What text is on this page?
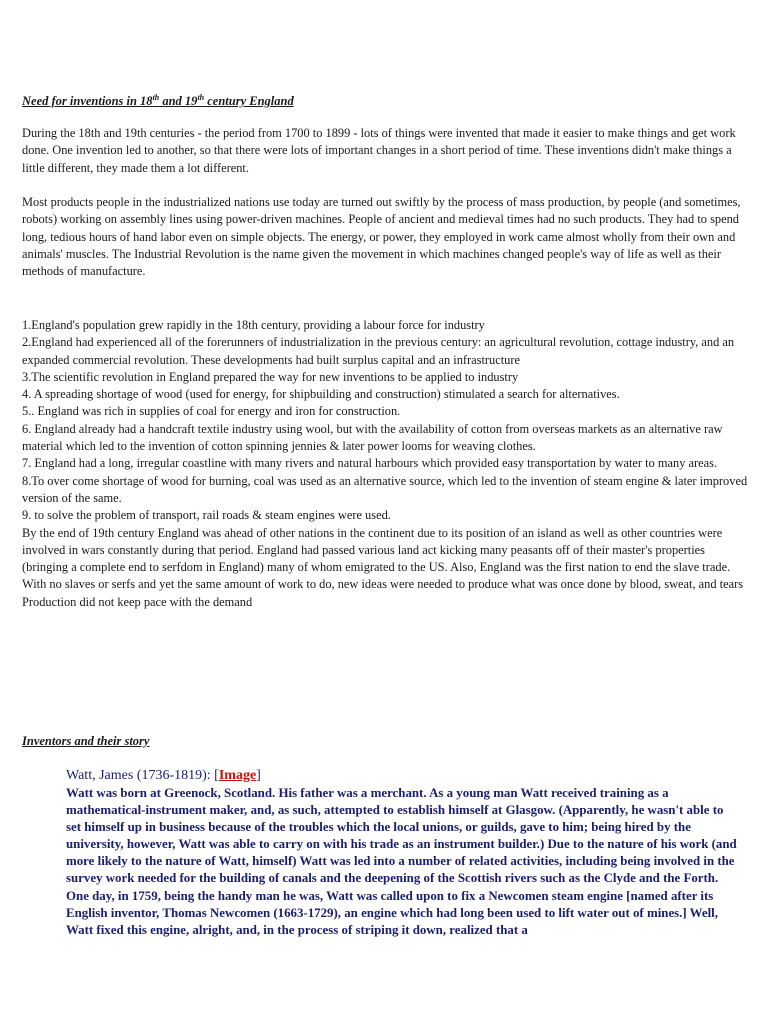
Need for inventions in 18th and 19th century England

During the 18th and 19th centuries - the period from 1700 to 1899 - lots of things were invented that made it easier to make things and get work done. One invention led to another, so that there were lots of important changes in a short period of time. These inventions didn't make things a little different, they made them a lot different.

Most products people in the industrialized nations use today are turned out swiftly by the process of mass production, by people (and sometimes, robots) working on assembly lines using power-driven machines. People of ancient and medieval times had no such products. They had to spend long, tedious hours of hand labor even on simple objects. The energy, or power, they employed in work came almost wholly from their own and animals' muscles. The Industrial Revolution is the name given the movement in which machines changed people's way of life as well as their methods of manufacture.

1.England's population grew rapidly in the 18th century, providing a labour force for industry
2.England had experienced all of the forerunners of industrialization in the previous century: an agricultural revolution, cottage industry, and an expanded commercial revolution. These developments had built surplus capital and an infrastructure
3.The scientific revolution in England prepared the way for new inventions to be applied to industry
4. A spreading shortage of wood (used for energy, for shipbuilding and construction) stimulated a search for alternatives.
5.. England was rich in supplies of coal for energy and iron for construction.
6. England already had a handcraft textile industry using wool, but with the availability of cotton from overseas markets as an alternative raw material which led to the invention of cotton spinning jennies & later power looms for weaving clothes.
7. England had a long, irregular coastline with many rivers and natural harbours which provided easy transportation by water to many areas.
8.To over come shortage of wood for burning, coal was used as an alternative source, which led to the invention of steam engine & later improved version of the same.
9. to solve the problem of transport, rail roads & steam engines were used.
By the end of 19th century England was ahead of other nations in the continent due to its position of an island as well as other countries were involved in wars constantly during that period. England had passed various land act kicking many peasants off of their master's properties (bringing a complete end to serfdom in England) many of whom emigrated to the US. Also, England was the first nation to end the slave trade. With no slaves or serfs and yet the same amount of work to do, new ideas were needed to produce what was once done by blood, sweat, and tears
Production did not keep pace with the demand
Inventors and their story
Watt, James (1736-1819): [Image]

Watt was born at Greenock, Scotland. His father was a merchant. As a young man Watt received training as a mathematical-instrument maker, and, as such, attempted to establish himself at Glasgow. (Apparently, he wasn't able to set himself up in business because of the troubles which the local unions, or guilds, gave to him; being hired by the university, however, Watt was able to carry on with his trade as an instrument builder.) Due to the nature of his work (and more likely to the nature of Watt, himself) Watt was led into a number of related activities, including being involved in the survey work needed for the building of canals and the deepening of the Scottish rivers such as the Clyde and the Forth. One day, in 1759, being the handy man he was, Watt was called upon to fix a Newcomen steam engine [named after its English inventor, Thomas Newcomen (1663-1729), an engine which had long been used to lift water out of mines.] Well, Watt fixed this engine, alright, and, in the process of striping it down, realized that a
